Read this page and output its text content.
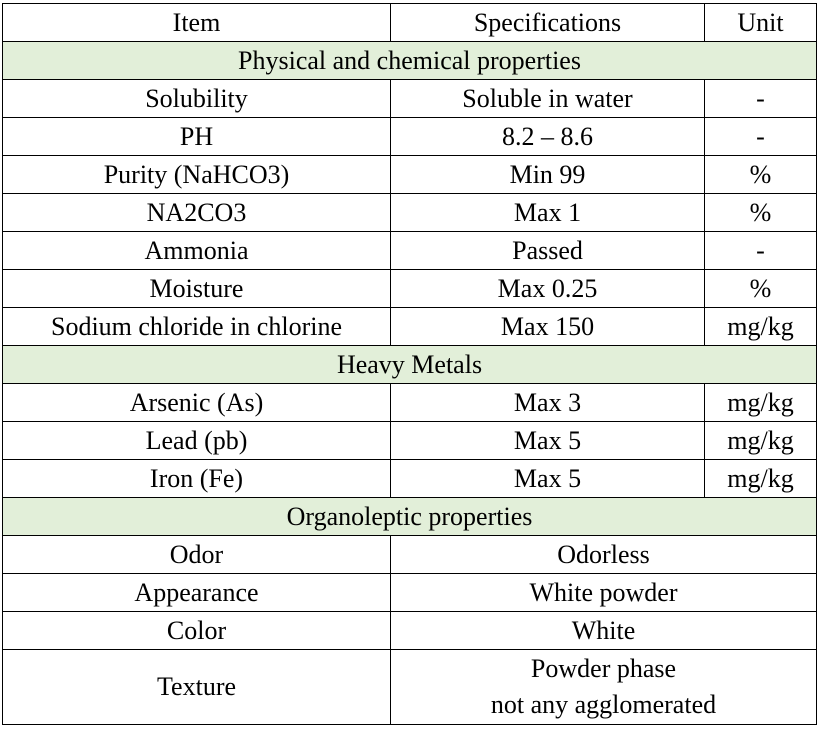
Item	Specifications	Unit
Physical and chemical properties		
Solubility	Soluble in water	-
PH	8.2 – 8.6	-
Purity (NaHCO3)	Min 99	%
NA2CO3	Max 1	%
Ammonia	Passed	-
Moisture	Max 0.25	%
Sodium chloride in chlorine	Max 150	mg/kg
Heavy Metals		
Arsenic (As)	Max 3	mg/kg
Lead (pb)	Max 5	mg/kg
Iron (Fe)	Max 5	mg/kg
Organoleptic properties		
Odor	Odorless	
Appearance	White powder	
Color	White	
Texture	Powder phase
not any agglomerated	
